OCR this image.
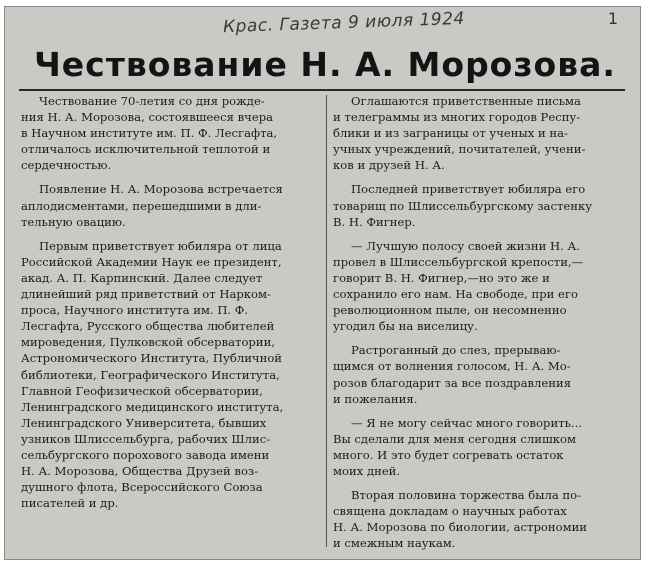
Крас. Газета 9 июля 1924	1
Чествование Н. А. Морозова.

Чествование 70-летия со дня рожде-
ния Н. А. Морозова, состоявшееся вчера
в Научном институте им. П. Ф. Лесгафта,
отличалось исключительной теплотой и
сердечностью.

Появление Н. А. Морозова встречается
аплодисментами, перешедшими в дли-
тельную овацию.

Первым приветствует юбиляра от лица
Российской Академии Наук ее президент,
акад. А. П. Карпинский. Далее следует
длинейший ряд приветствий от Нарком-
проса, Научного института им. П. Ф.
Лесгафта, Русского общества любителей
мироведения, Пулковской обсерватории,
Астрономического Института, Публичной
библиотеки, Географического Института,
Главной Геофизической обсерватории,
Ленинградского медицинского института,
Ленинградского Университета, бывших
узников Шлиссельбурга, рабочих Шлис-
сельбургского порохового завода имени
Н. А. Морозова, Общества Друзей воз-
душного флота, Всероссийского Союза
писателей и др.

Оглашаются приветственные письма
и телеграммы из многих городов Респу-
блики и из заграницы от ученых и на-
учных учреждений, почитателей, учени-
ков и друзей Н. А.

Последней приветствует юбиляра его
товарищ по Шлиссельбургскому застенку
В. Н. Фигнер.

— Лучшую полосу своей жизни Н. А.
провел в Шлиссельбургской крепости,—
говорит В. Н. Фигнер,—но это же и
сохранило его нам. На свободе, при его
революционном пыле, он несомненно
угодил бы на виселицу.

Растроганный до слез, прерываю-
щимся от волнения голосом, Н. А. Мо-
розов благодарит за все поздравления
и пожелания.

— Я не могу сейчас много говорить...
Вы сделали для меня сегодня слишком
много. И это будет согревать остаток
моих дней.

Вторая половина торжества была по-
священа докладам о научных работах
Н. А. Морозова по биологии, астрономии
и смежным наукам.
